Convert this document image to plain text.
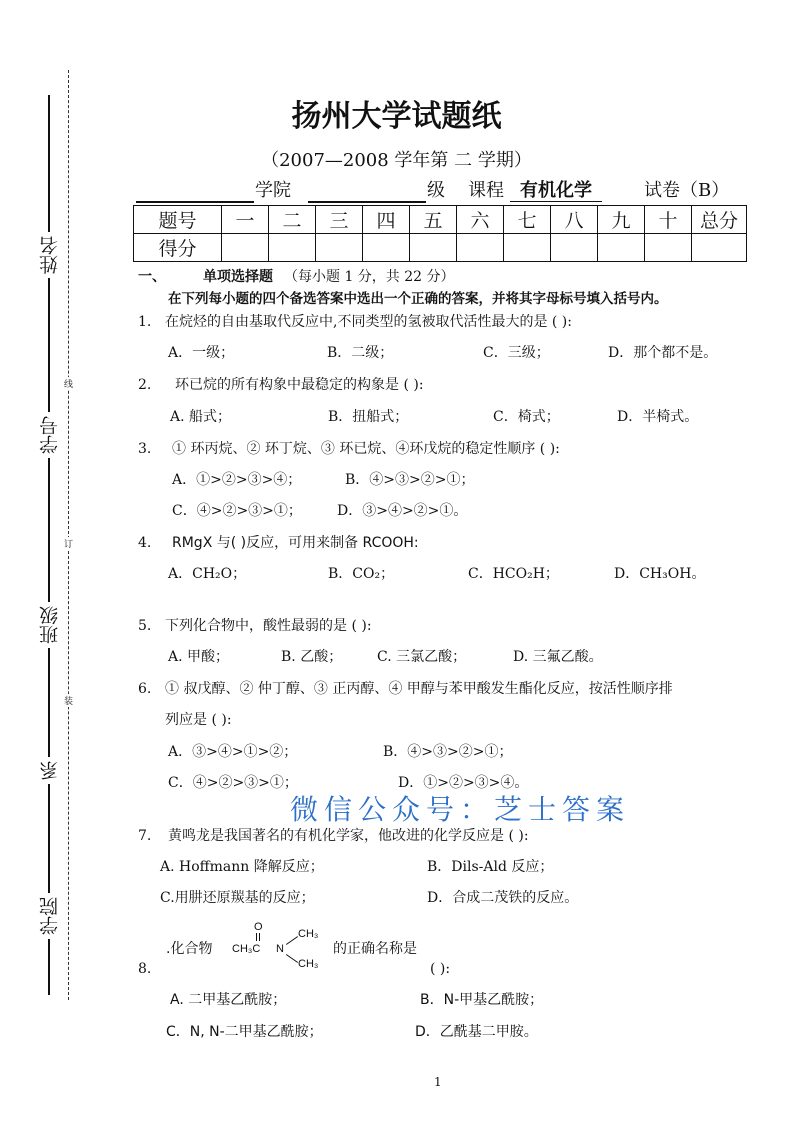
姓名
学号
班级
系
学院
线
订
装
扬州大学试题纸
（2007—2008 学年第 二 学期）
学院	级 课程 有机化学	试卷（B）
题号	一	二	三	四	五	六	七	八	九	十	总分
得分											
一、	单项选择题 （每小题 1 分，共 22 分）
在下列每小题的四个备选答案中选出一个正确的答案，并将其字母标号填入括号内。
1. 在烷烃的自由基取代反应中,不同类型的氢被取代活性最大的是 ( ):
A．一级；	B．二级；	C．三级；	D．那个都不是。
2. 环已烷的所有构象中最稳定的构象是 ( ):
A. 船式；	B．扭船式；	C．椅式；	D．半椅式。
3. ① 环丙烷、② 环丁烷、③ 环已烷、④环戊烷的稳定性顺序 ( ):
A．①>②>③>④；	B．④>③>②>①；
C．④>②>③>①；	D．③>④>②>①。
4. RMgX 与( )反应，可用来制备 RCOOH:
A．CH₂O；	B．CO₂；	C．HCO₂H；	D．CH₃OH。
5. 下列化合物中，酸性最弱的是 ( ):
A. 甲酸；	B. 乙酸； C. 三氯乙酸；	D. 三氟乙酸。
6. ① 叔戊醇、② 仲丁醇、③ 正丙醇、④ 甲醇与苯甲酸发生酯化反应，按活性顺序排
列应是 ( ):
A．③>④>①>②；	B．④>③>②>①；
C．④>②>③>①；	D．①>②>③>④。
7. 黄鸣龙是我国著名的有机化学家，他改进的化学反应是 ( ):
A. Hoffmann 降解反应；	B．Dils-Ald 反应；
C.用肼还原羰基的反应；	D．合成二茂铁的反应。
.化合物
O
CH₃C N
CH₃
CH₃
的正确名称是
8.	( ):
A. 二甲基乙酰胺；	B．N-甲基乙酰胺；
C．N, N-二甲基乙酰胺；	D．乙酰基二甲胺。
微信公众号：芝士答案
1
